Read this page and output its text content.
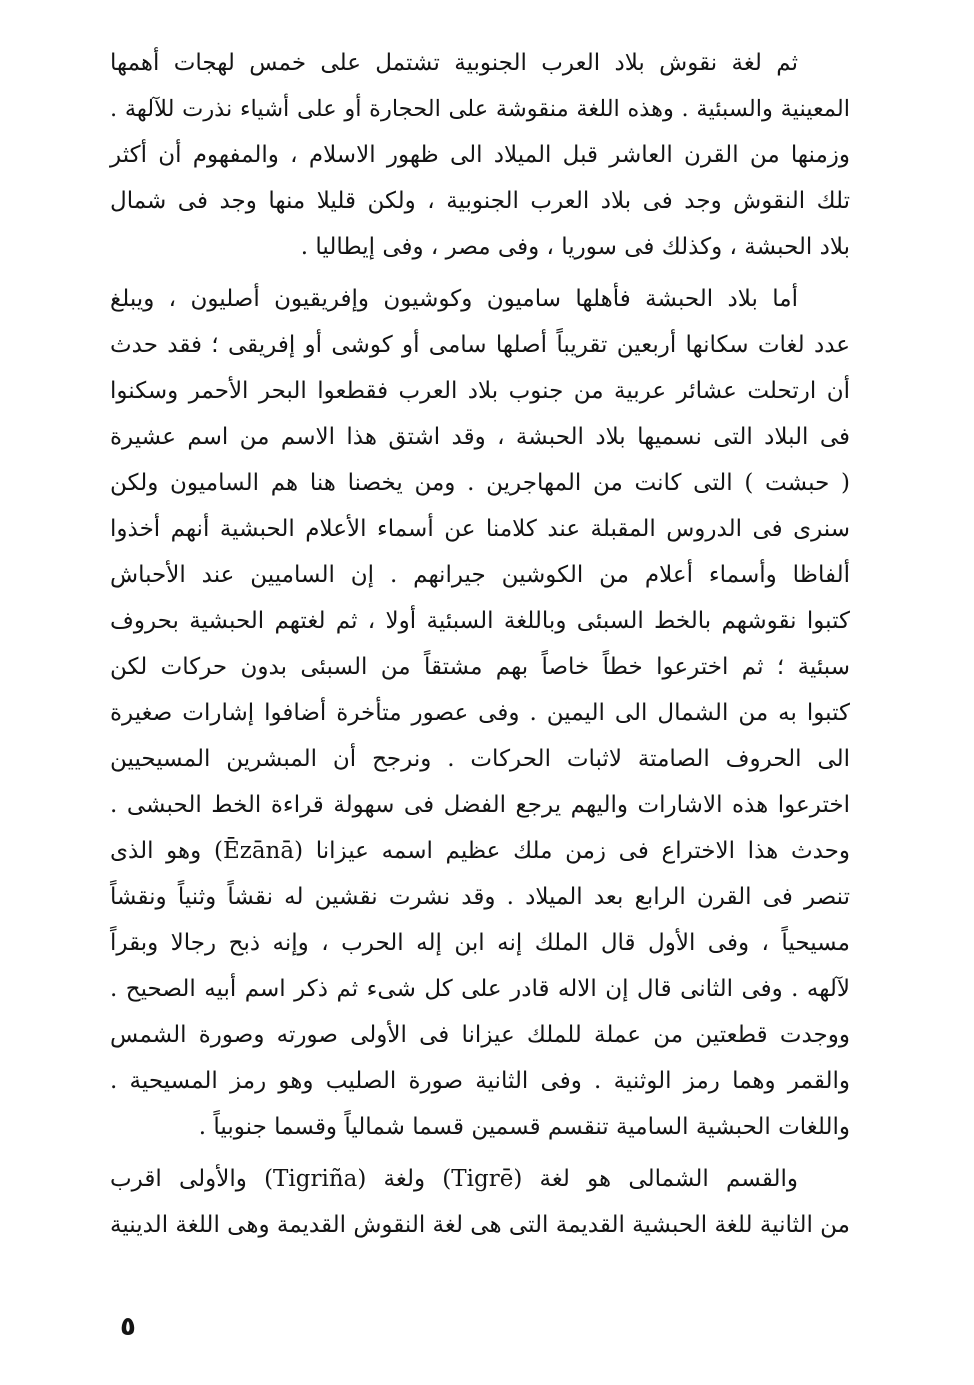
ثم لغة نقوش بلاد العرب الجنوبية تشتمل على خمس لهجات أهمها
المعينية والسبئية . وهذه اللغة منقوشة على الحجارة أو على أشياء نذرت للآلهة .
وزمنها من القرن العاشر قبل الميلاد الى ظهور الاسلام ، والمفهوم أن أكثر
تلك النقوش وجد فى بلاد العرب الجنوبية ، ولكن قليلا منها وجد فى شمال
بلاد الحبشة ، وكذلك فى سوريا ، وفى مصر ، وفى إيطاليا .
أما بلاد الحبشة فأهلها ساميون وكوشيون وإفريقيون أصليون ، ويبلغ
عدد لغات سكانها أربعين تقريباً أصلها سامى أو كوشى أو إفريقى ؛ فقد حدث
أن ارتحلت عشائر عربية من جنوب بلاد العرب فقطعوا البحر الأحمر وسكنوا
فى البلاد التى نسميها بلاد الحبشة ، وقد اشتق هذا الاسم من اسم عشيرة
( حبشت ) التى كانت من المهاجرين . ومن يخصنا هنا هم الساميون ولكن
سنرى فى الدروس المقبلة عند كلامنا عن أسماء الأعلام الحبشية أنهم أخذوا
ألفاظا وأسماء أعلام من الكوشين جيرانهم . إن الساميين عند الأحباش
كتبوا نقوشهم بالخط السبئى وباللغة السبئية أولا ، ثم لغتهم الحبشية بحروف
سبئية ؛ ثم اخترعوا خطاً خاصاً بهم مشتقاً من السبئى بدون حركات لكن
كتبوا به من الشمال الى اليمين . وفى عصور متأخرة أضافوا إشارات صغيرة
الى الحروف الصامتة لاثبات الحركات . ونرجح أن المبشرين المسيحيين
اخترعوا هذه الاشارات واليهم يرجع الفضل فى سهولة قراءة الخط الحبشى .
وحدث هذا الاختراع فى زمن ملك عظيم اسمه عيزانا (Ēzānā) وهو الذى
تنصر فى القرن الرابع بعد الميلاد . وقد نشرت نقشين له نقشاً وثنياً ونقشاً
مسيحياً ، وفى الأول قال الملك إنه ابن إله الحرب ، وإنه ذبح رجالا وبقراً
لآلهه . وفى الثانى قال إن الاله قادر على كل شىء ثم ذكر اسم أبيه الصحيح .
ووجدت قطعتين من عملة للملك عيزانا فى الأولى صورته وصورة الشمس
والقمر وهما رمز الوثنية . وفى الثانية صورة الصليب وهو رمز المسيحية .
واللغات الحبشية السامية تنقسم قسمين قسما شمالياً وقسما جنوبياً .
والقسم الشمالى هو لغة (Tigrē) ولغة (Tigriña) والأولى اقرب
من الثانية للغة الحبشية القديمة التى هى لغة النقوش القديمة وهى اللغة الدينية
٥
